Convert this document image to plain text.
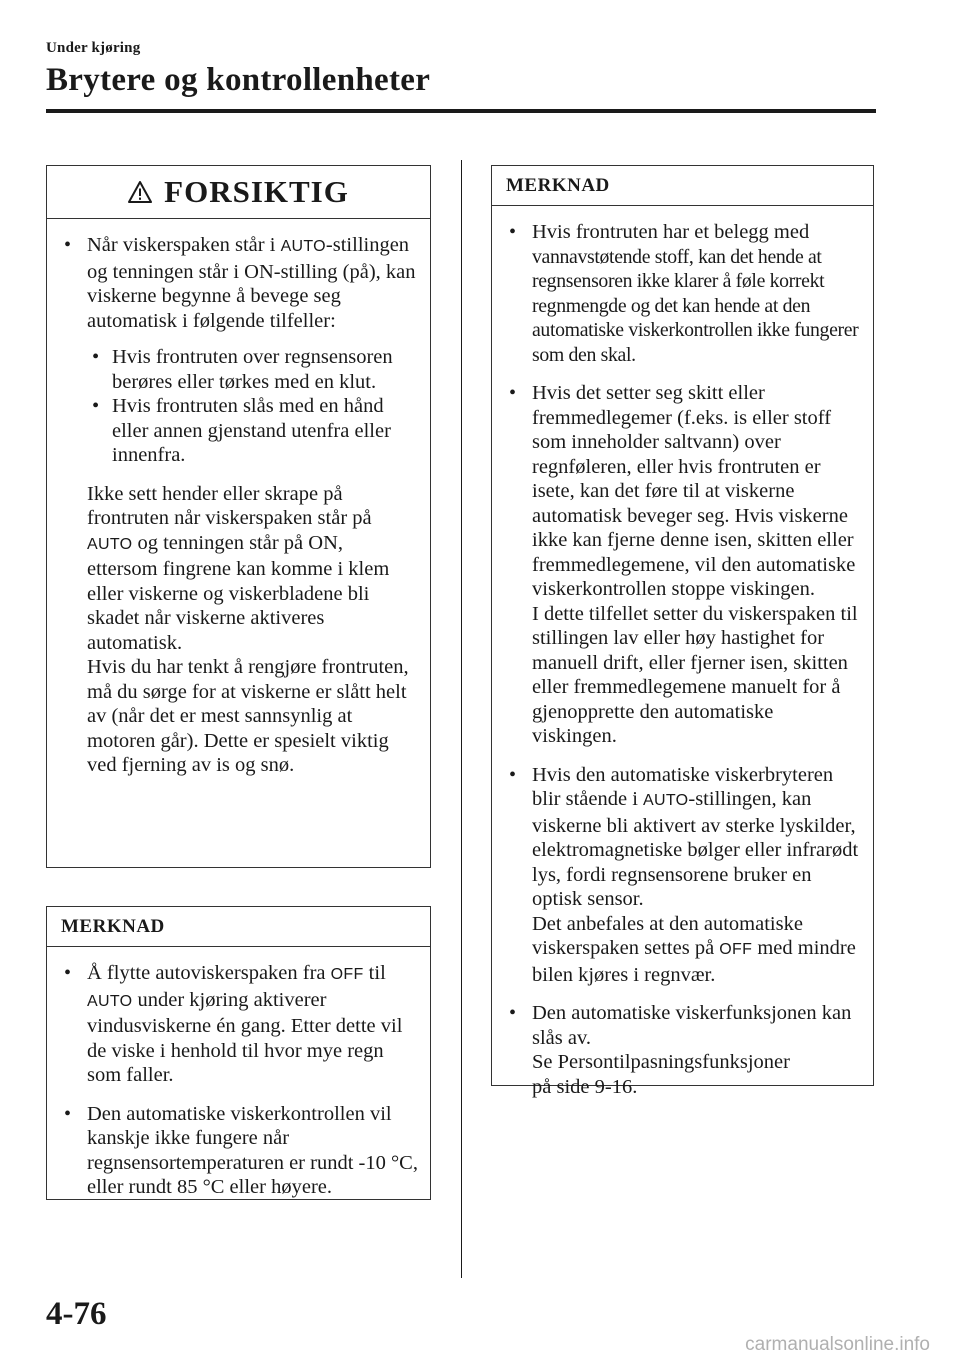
Under kjøring
Brytere og kontrollenheter
FORSIKTIG
• Når viskerspaken står i AUTO-stillingen og tenningen står i ON-stilling (på), kan viskerne begynne å bevege seg automatisk i følgende tilfeller:
• Hvis frontruten over regnsensoren berøres eller tørkes med en klut.
• Hvis frontruten slås med en hånd eller annen gjenstand utenfra eller innenfra.

Ikke sett hender eller skrape på frontruten når viskerspaken står på AUTO og tenningen står på ON, ettersom fingrene kan komme i klem eller viskerne og viskerbladene bli skadet når viskerne aktiveres automatisk.

Hvis du har tenkt å rengjøre frontruten, må du sørge for at viskerne er slått helt av (når det er mest sannsynlig at motoren går). Dette er spesielt viktig ved fjerning av is og snø.

MERKNAD
• Å flytte autoviskerspaken fra OFF til AUTO under kjøring aktiverer vindusviskerne én gang. Etter dette vil de viske i henhold til hvor mye regn som faller.
• Den automatiske viskerkontrollen vil kanskje ikke fungere når regnsensortemperaturen er rundt -10 °C, eller rundt 85 °C eller høyere.
MERKNAD
• Hvis frontruten har et belegg med vannavstøtende stoff, kan det hende at regnsensoren ikke klarer å føle korrekt regnmengde og det kan hende at den automatiske viskerkontrollen ikke fungerer som den skal.
• Hvis det setter seg skitt eller fremmedlegemer (f.eks. is eller stoff som inneholder saltvann) over regnføleren, eller hvis frontruten er isete, kan det føre til at viskerne automatisk beveger seg. Hvis viskerne ikke kan fjerne denne isen, skitten eller fremmedlegemene, vil den automatiske viskerkontrollen stoppe viskingen.
I dette tilfellet setter du viskerspaken til stillingen lav eller høy hastighet for manuell drift, eller fjerner isen, skitten eller fremmedlegemene manuelt for å gjenopprette den automatiske viskingen.
• Hvis den automatiske viskerbryteren blir stående i AUTO-stillingen, kan viskerne bli aktivert av sterke lyskilder, elektromagnetiske bølger eller infrarødt lys, fordi regnsensorene bruker en optisk sensor.
Det anbefales at den automatiske viskerspaken settes på OFF med mindre bilen kjøres i regnvær.
• Den automatiske viskerfunksjonen kan slås av.
Se Persontilpasningsfunksjoner
på side 9-16.
4-76
carmanualsonline.info
